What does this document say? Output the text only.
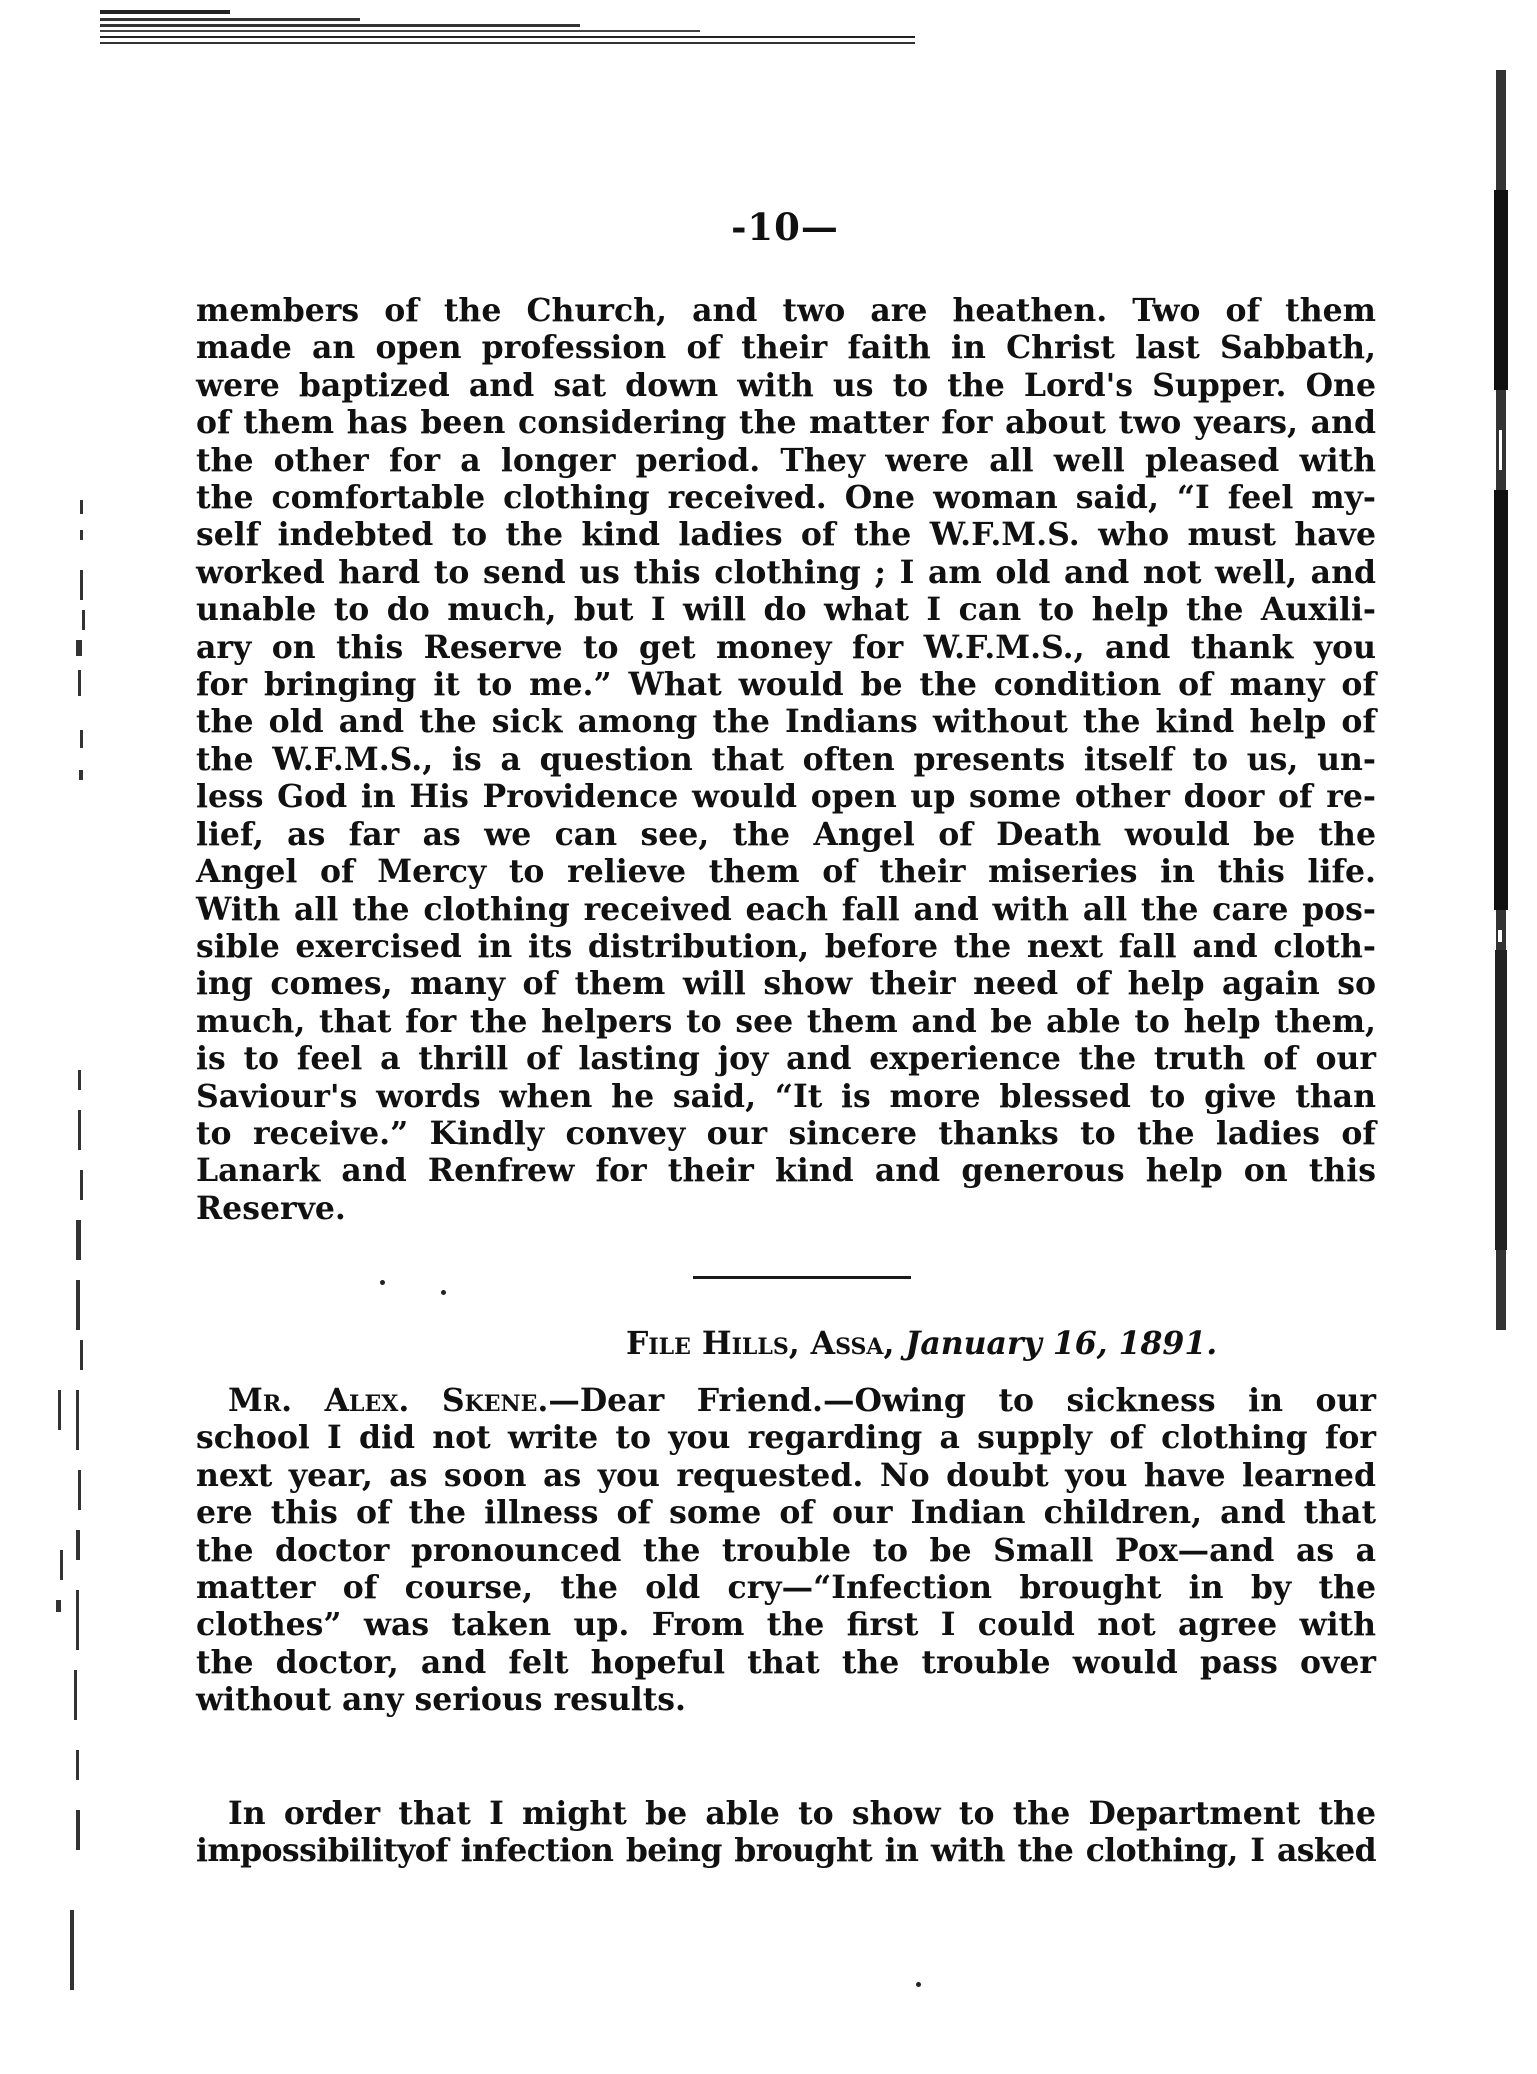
-10—
members of the Church, and two are heathen. Two of them
made an open profession of their faith in Christ last Sabbath,
were baptized and sat down with us to the Lord's Supper. One
of them has been considering the matter for about two years, and
the other for a longer period. They were all well pleased with
the comfortable clothing received. One woman said, “I feel my-
self indebted to the kind ladies of the W.F.M.S. who must have
worked hard to send us this clothing ; I am old and not well, and
unable to do much, but I will do what I can to help the Auxili-
ary on this Reserve to get money for W.F.M.S., and thank you
for bringing it to me.” What would be the condition of many of
the old and the sick among the Indians without the kind help of
the W.F.M.S., is a question that often presents itself to us, un-
less God in His Providence would open up some other door of re-
lief, as far as we can see, the Angel of Death would be the
Angel of Mercy to relieve them of their miseries in this life.
With all the clothing received each fall and with all the care pos-
sible exercised in its distribution, before the next fall and cloth-
ing comes, many of them will show their need of help again so
much, that for the helpers to see them and be able to help them,
is to feel a thrill of lasting joy and experience the truth of our
Saviour's words when he said, “It is more blessed to give than
to receive.” Kindly convey our sincere thanks to the ladies of
Lanark and Renfrew for their kind and generous help on this
Reserve.
File Hills, Assa, January 16, 1891.
Mr. Alex. Skene.—Dear Friend.—Owing to sickness in our
school I did not write to you regarding a supply of clothing for
next year, as soon as you requested. No doubt you have learned
ere this of the illness of some of our Indian children, and that
the doctor pronounced the trouble to be Small Pox—and as a
matter of course, the old cry—“Infection brought in by the
clothes” was taken up. From the first I could not agree with
the doctor, and felt hopeful that the trouble would pass over
without any serious results.
In order that I might be able to show to the Department the
impossibilityof infection being brought in with the clothing, I asked
